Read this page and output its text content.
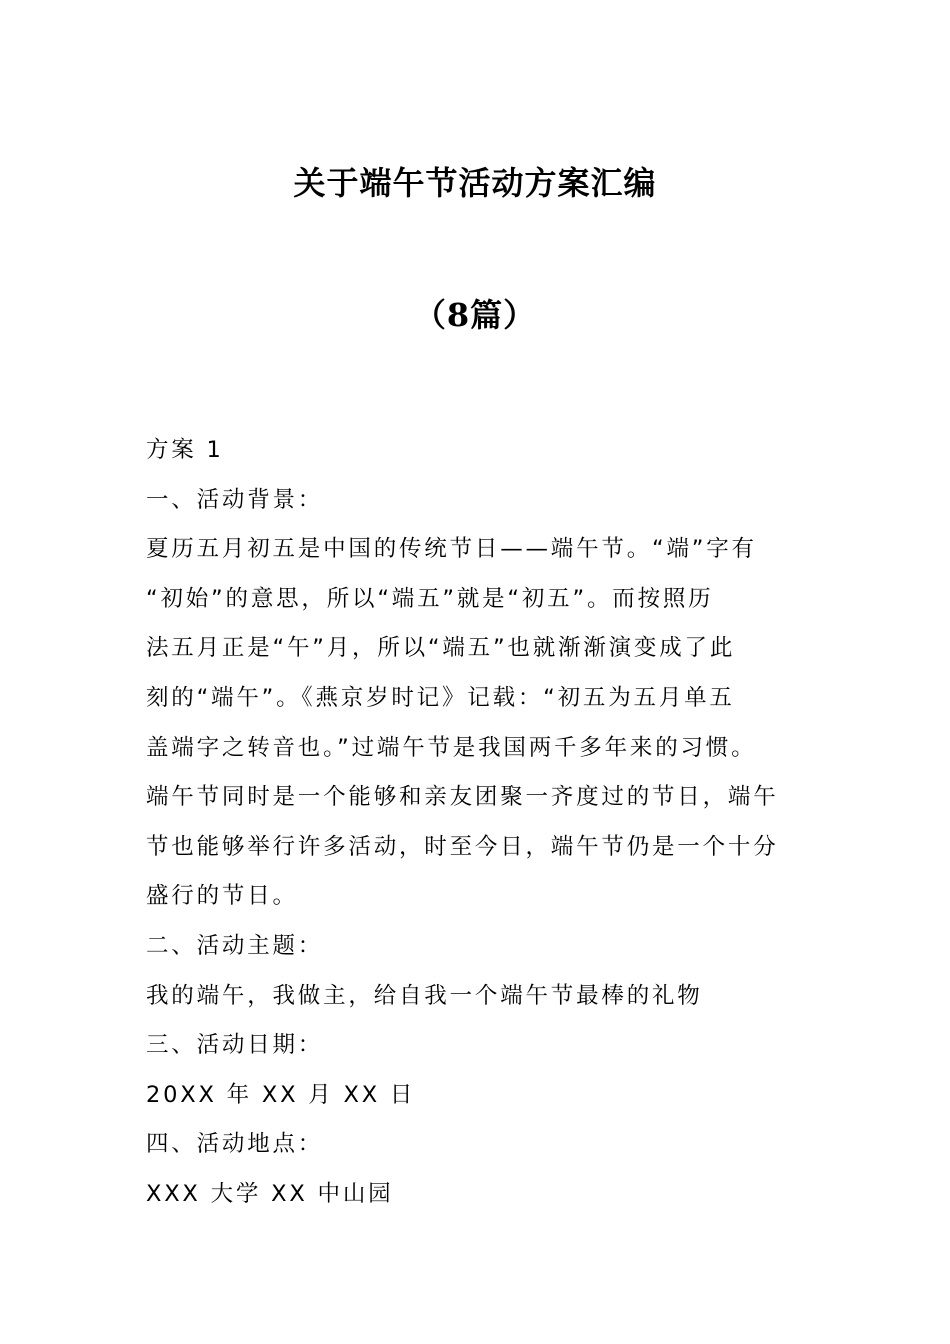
关于端午节活动方案汇编
（8篇）

方案 1

一、活动背景：

夏历五月初五是中国的传统节日——端午节。“端”字有

“初始”的意思，所以“端五”就是“初五”。而按照历

法五月正是“午”月，所以“端五”也就渐渐演变成了此

刻的“端午”。《燕京岁时记》记载：“初五为五月单五

盖端字之转音也。”过端午节是我国两千多年来的习惯。

端午节同时是一个能够和亲友团聚一齐度过的节日，端午

节也能够举行许多活动，时至今日，端午节仍是一个十分

盛行的节日。

二、活动主题：

我的端午，我做主，给自我一个端午节最棒的礼物

三、活动日期：

20XX 年 XX 月 XX 日

四、活动地点：

XXX 大学 XX 中山园
